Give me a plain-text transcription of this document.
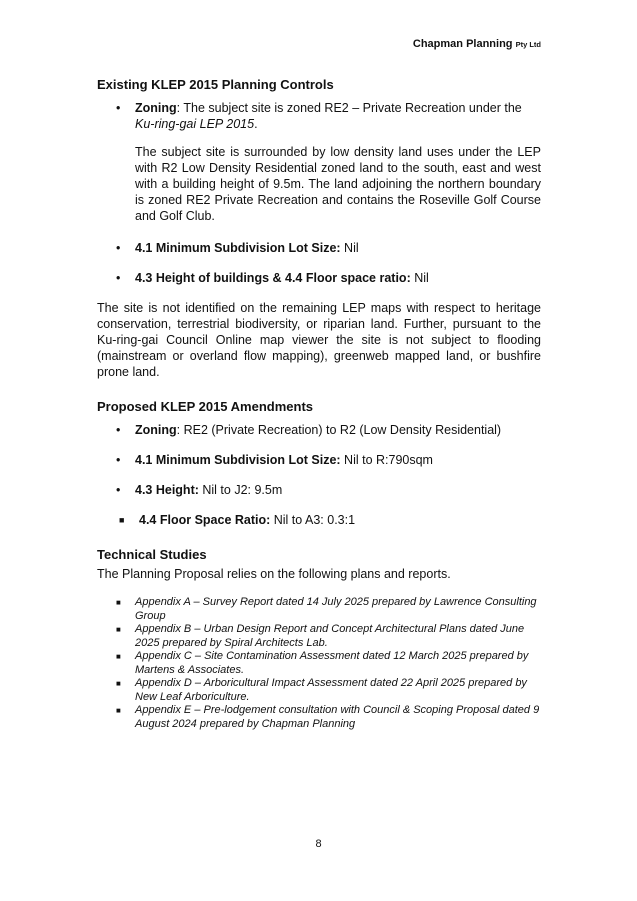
Chapman Planning Pty Ltd
Existing KLEP 2015 Planning Controls
• Zoning: The subject site is zoned RE2 – Private Recreation under the Ku-ring-gai LEP 2015.

The subject site is surrounded by low density land uses under the LEP with R2 Low Density Residential zoned land to the south, east and west with a building height of 9.5m. The land adjoining the northern boundary is zoned RE2 Private Recreation and contains the Roseville Golf Course and Golf Club.

• 4.1 Minimum Subdivision Lot Size: Nil
• 4.3 Height of buildings & 4.4 Floor space ratio: Nil

The site is not identified on the remaining LEP maps with respect to heritage conservation, terrestrial biodiversity, or riparian land. Further, pursuant to the Ku-ring-gai Council Online map viewer the site is not subject to flooding (mainstream or overland flow mapping), greenweb mapped land, or bushfire prone land.

Proposed KLEP 2015 Amendments
• Zoning: RE2 (Private Recreation) to R2 (Low Density Residential)
• 4.1 Minimum Subdivision Lot Size: Nil to R:790sqm
• 4.3 Height: Nil to J2: 9.5m
■ 4.4 Floor Space Ratio: Nil to A3: 0.3:1
Technical Studies

The Planning Proposal relies on the following plans and reports.

■ Appendix A – Survey Report dated 14 July 2025 prepared by Lawrence Consulting Group
■ Appendix B – Urban Design Report and Concept Architectural Plans dated June 2025 prepared by Spiral Architects Lab.
■ Appendix C – Site Contamination Assessment dated 12 March 2025 prepared by Martens & Associates.
■ Appendix D – Arboricultural Impact Assessment dated 22 April 2025 prepared by New Leaf Arboriculture.
■ Appendix E – Pre-lodgement consultation with Council & Scoping Proposal dated 9 August 2024 prepared by Chapman Planning
8
